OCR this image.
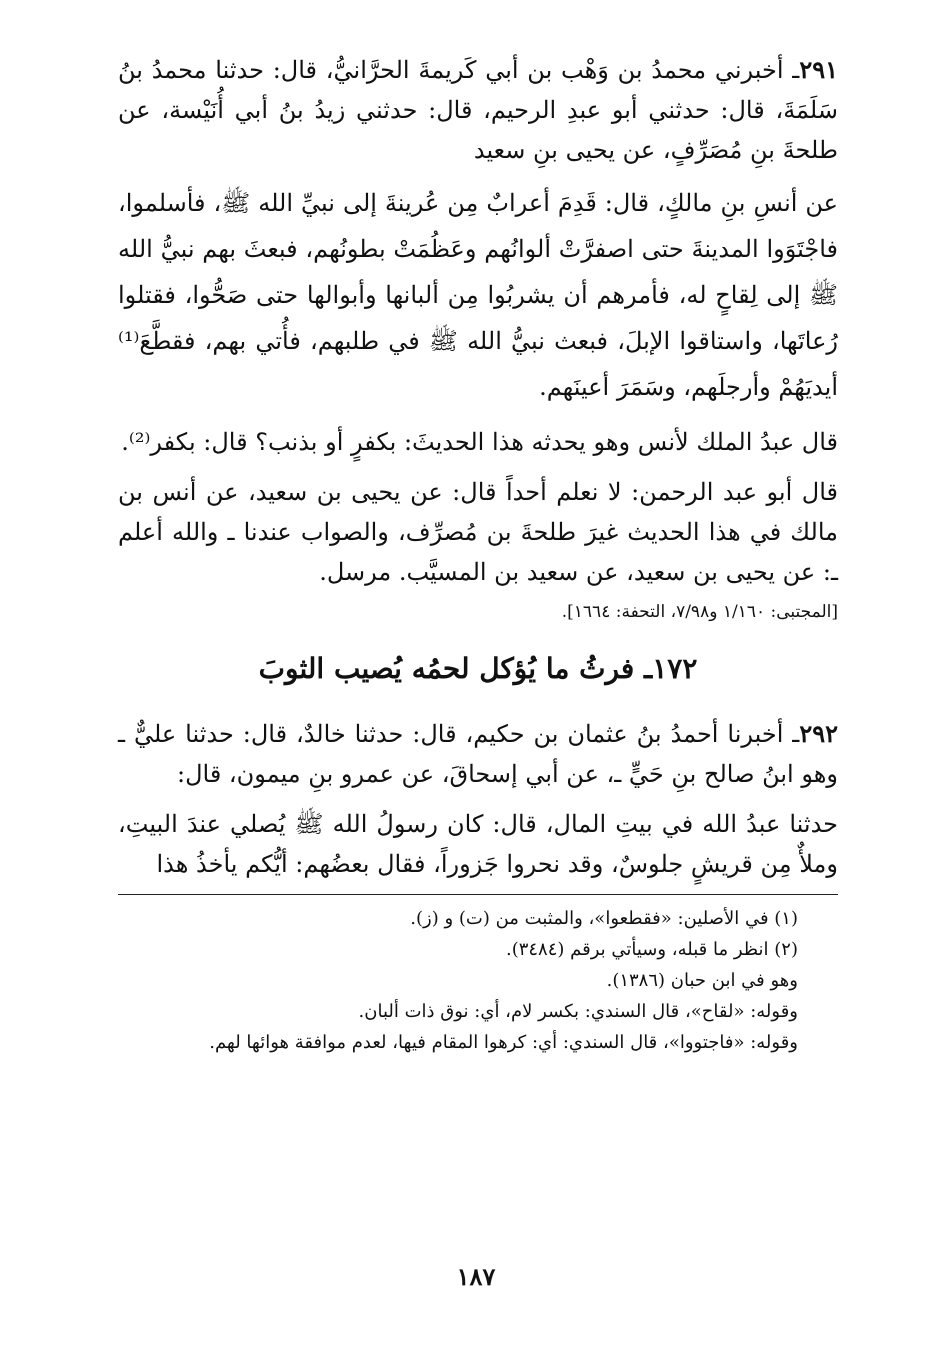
٢٩١ـ أخبرني محمدُ بن وَهْب بن أبي كَريمةَ الحرَّانيُّ، قال: حدثنا محمدُ بنُ سَلَمَةَ، قال: حدثني أبو عبدِ الرحيم، قال: حدثني زيدُ بنُ أبي أُنَيْسة، عن طلحةَ بنِ مُصَرِّفٍ، عن يحيى بنِ سعيد

عن أنسِ بنِ مالكٍ، قال: قَدِمَ أعرابٌ مِن عُرينةَ إلى نبيِّ الله ﷺ، فأسلموا، فاجْتَوَوا المدينةَ حتى اصفرَّتْ ألوانُهم وعَظُمَتْ بطونُهم، فبعثَ بهم نبيُّ الله ﷺ إلى لِقاحٍ له، فأمرهم أن يشربُوا مِن ألبانها وأبوالها حتى صَحُّوا، فقتلوا رُعاتَها، واستاقوا الإبلَ، فبعث نبيُّ الله ﷺ في طلبهم، فأُتي بهم، فقطَّعَ⁽¹⁾ أيديَهُمْ وأرجلَهم، وسَمَرَ أعينَهم.

قال عبدُ الملك لأنس وهو يحدثه هذا الحديثَ: بكفرٍ أو بذنب؟ قال: بكفر⁽²⁾.

قال أبو عبد الرحمن: لا نعلم أحداً قال: عن يحيى بن سعيد، عن أنس بن مالك في هذا الحديث غيرَ طلحةَ بن مُصرِّف، والصواب عندنا ـ والله أعلم ـ: عن يحيى بن سعيد، عن سعيد بن المسيَّب. مرسل.

[المجتبى: ١/١٦٠ و٧/٩٨، التحفة: ١٦٦٤].
١٧٢ـ فرثُ ما يُؤكل لحمُه يُصيب الثوبَ

٢٩٢ـ أخبرنا أحمدُ بنُ عثمان بن حكيم، قال: حدثنا خالدٌ، قال: حدثنا عليٌّ ـ وهو ابنُ صالح بنِ حَيٍّ ـ، عن أبي إسحاقَ، عن عمرو بنِ ميمون، قال:

حدثنا عبدُ الله في بيتِ المال، قال: كان رسولُ الله ﷺ يُصلي عندَ البيتِ، وملأٌ مِن قريشٍ جلوسٌ، وقد نحروا جَزوراً، فقال بعضُهم: أيُّكم يأخذُ هذا

(١) في الأصلين: «فقطعوا»، والمثبت من (ت) و (ز).

(٢) انظر ما قبله، وسيأتي برقم (٣٤٨٤).

وهو في ابن حبان (١٣٨٦).

وقوله: «لقاح»، قال السندي: بكسر لام، أي: نوق ذات ألبان.

وقوله: «فاجتووا»، قال السندي: أي: كرهوا المقام فيها، لعدم موافقة هوائها لهم.

١٨٧
